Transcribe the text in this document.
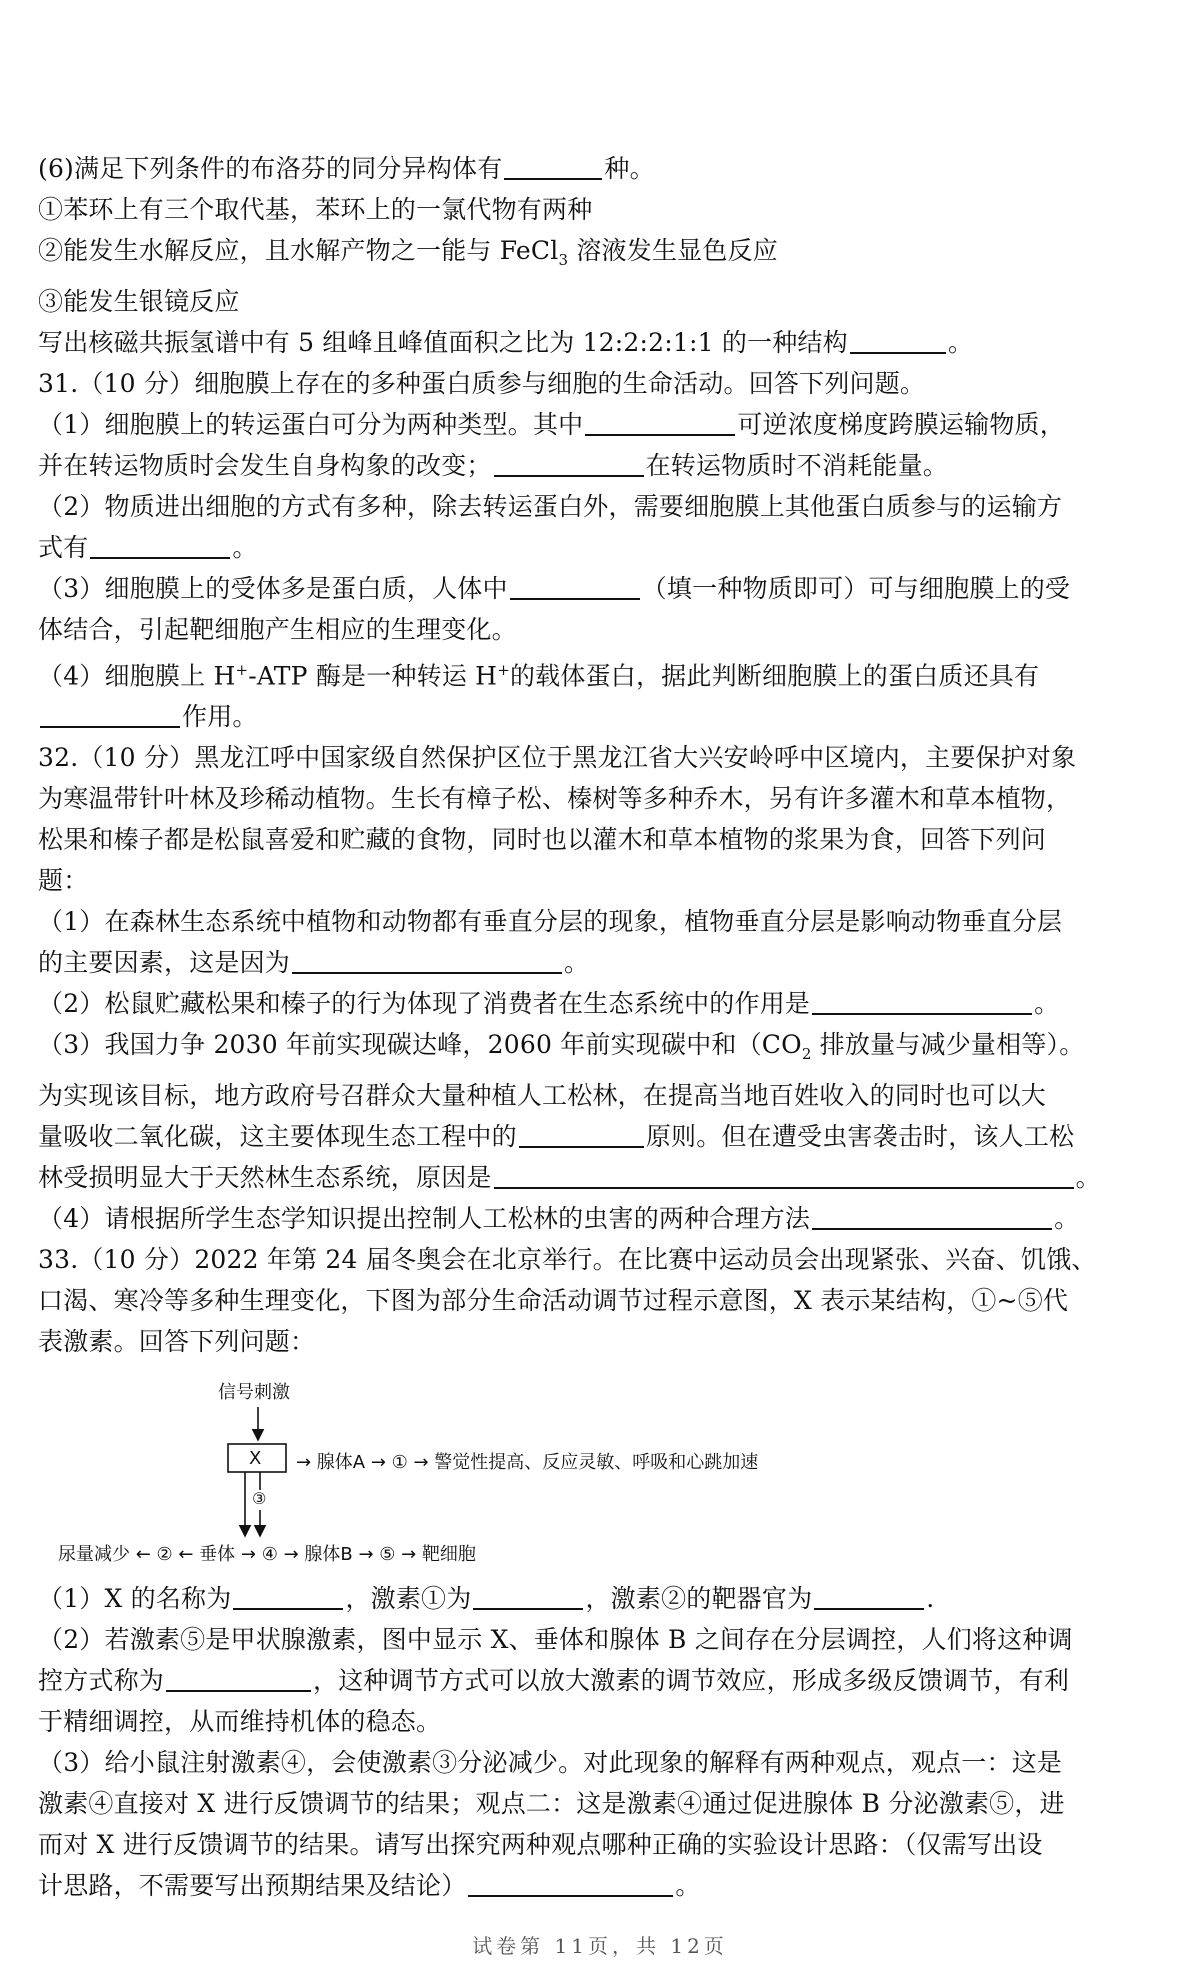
(6)满足下列条件的布洛芬的同分异构体有	种。
①苯环上有三个取代基，苯环上的一氯代物有两种
②能发生水解反应，且水解产物之一能与 FeCl$_3$ 溶液发生显色反应
③能发生银镜反应
写出核磁共振氢谱中有 5 组峰且峰值面积之比为 12:2:2:1:1 的一种结构	。
31.（10 分）细胞膜上存在的多种蛋白质参与细胞的生命活动。回答下列问题。
（1）细胞膜上的转运蛋白可分为两种类型。其中	可逆浓度梯度跨膜运输物质，
并在转运物质时会发生自身构象的改变；	在转运物质时不消耗能量。
（2）物质进出细胞的方式有多种，除去转运蛋白外，需要细胞膜上其他蛋白质参与的运输方
式有	。
（3）细胞膜上的受体多是蛋白质，人体中	（填一种物质即可）可与细胞膜上的受
体结合，引起靶细胞产生相应的生理变化。
（4）细胞膜上 H+-ATP 酶是一种转运 H+的载体蛋白，据此判断细胞膜上的蛋白质还具有
作用。
32.（10 分）黑龙江呼中国家级自然保护区位于黑龙江省大兴安岭呼中区境内，主要保护对象
为寒温带针叶林及珍稀动植物。生长有樟子松、榛树等多种乔木，另有许多灌木和草本植物，
松果和榛子都是松鼠喜爱和贮藏的食物，同时也以灌木和草本植物的浆果为食，回答下列问
题：
（1）在森林生态系统中植物和动物都有垂直分层的现象，植物垂直分层是影响动物垂直分层
的主要因素，这是因为	。
（2）松鼠贮藏松果和榛子的行为体现了消费者在生态系统中的作用是	。
（3）我国力争 2030 年前实现碳达峰，2060 年前实现碳中和（$CO_2$ 排放量与减少量相等）。
为实现该目标，地方政府号召群众大量种植人工松林，在提高当地百姓收入的同时也可以大
量吸收二氧化碳，这主要体现生态工程中的	原则。但在遭受虫害袭击时，该人工松
林受损明显大于天然林生态系统，原因是	。
（4）请根据所学生态学知识提出控制人工松林的虫害的两种合理方法	。
33.（10 分）2022 年第 24 届冬奥会在北京举行。在比赛中运动员会出现紧张、兴奋、饥饿、
口渴、寒冷等多种生理变化，下图为部分生命活动调节过程示意图，X 表示某结构，①~⑤代
表激素。回答下列问题：
信号刺激
X → 腺体A → ① → 警觉性提高、反应灵敏、呼吸和心跳加速
③
尿量减少 ← ② ← 垂体 → ④ → 腺体B → ⑤ → 靶细胞
（1）X 的名称为	，激素①为	，激素②的靶器官为	.
（2）若激素⑤是甲状腺激素，图中显示 X、垂体和腺体 B 之间存在分层调控，人们将这种调
控方式称为	，这种调节方式可以放大激素的调节效应，形成多级反馈调节，有利
于精细调控，从而维持机体的稳态。
（3）给小鼠注射激素④，会使激素③分泌减少。对此现象的解释有两种观点，观点一：这是
激素④直接对 X 进行反馈调节的结果；观点二：这是激素④通过促进腺体 B 分泌激素⑤，进
而对 X 进行反馈调节的结果。请写出探究两种观点哪种正确的实验设计思路：（仅需写出设
计思路，不需要写出预期结果及结论）	。
试卷第 11页，共 12页
